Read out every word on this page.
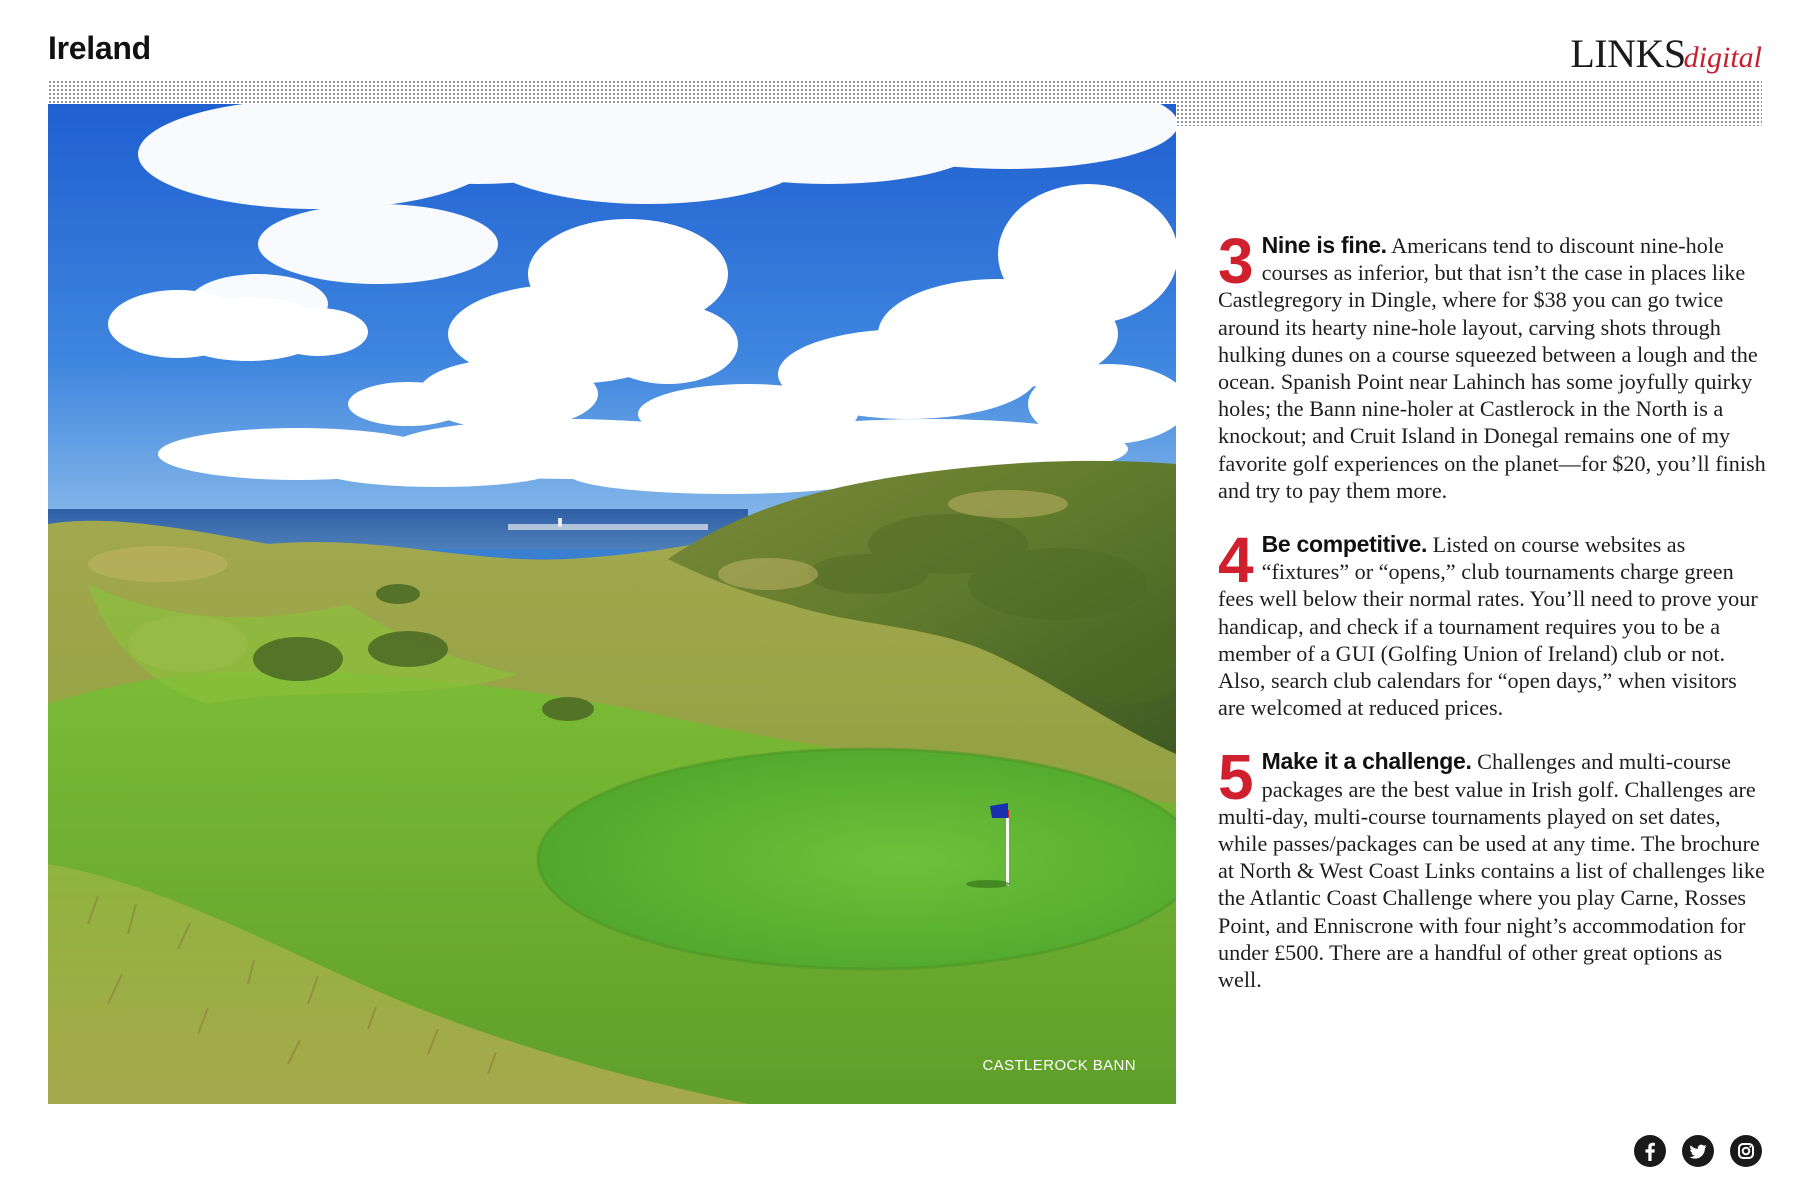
Ireland	LINKSdigital
CASTLEROCK BANN

3 Nine is fine. Americans tend to discount nine-hole courses as inferior, but that isn’t the case in places like Castlegregory in Dingle, where for $38 you can go twice around its hearty nine-hole layout, carving shots through hulking dunes on a course squeezed between a lough and the ocean. Spanish Point near Lahinch has some joyfully quirky holes; the Bann nine-holer at Castlerock in the North is a knockout; and Cruit Island in Donegal remains one of my favorite golf experiences on the planet—for $20, you’ll finish and try to pay them more.

4 Be competitive. Listed on course websites as “fixtures” or “opens,” club tournaments charge green fees well below their normal rates. You’ll need to prove your handicap, and check if a tournament requires you to be a member of a GUI (Golfing Union of Ireland) club or not. Also, search club calendars for “open days,” when visitors are welcomed at reduced prices.

5 Make it a challenge. Challenges and multi-course packages are the best value in Irish golf. Challenges are multi-day, multi-course tournaments played on set dates, while passes/packages can be used at any time. The brochure at North & West Coast Links contains a list of challenges like the Atlantic Coast Challenge where you play Carne, Rosses Point, and Enniscrone with four night’s accommodation for under £500. There are a handful of other great options as well.
